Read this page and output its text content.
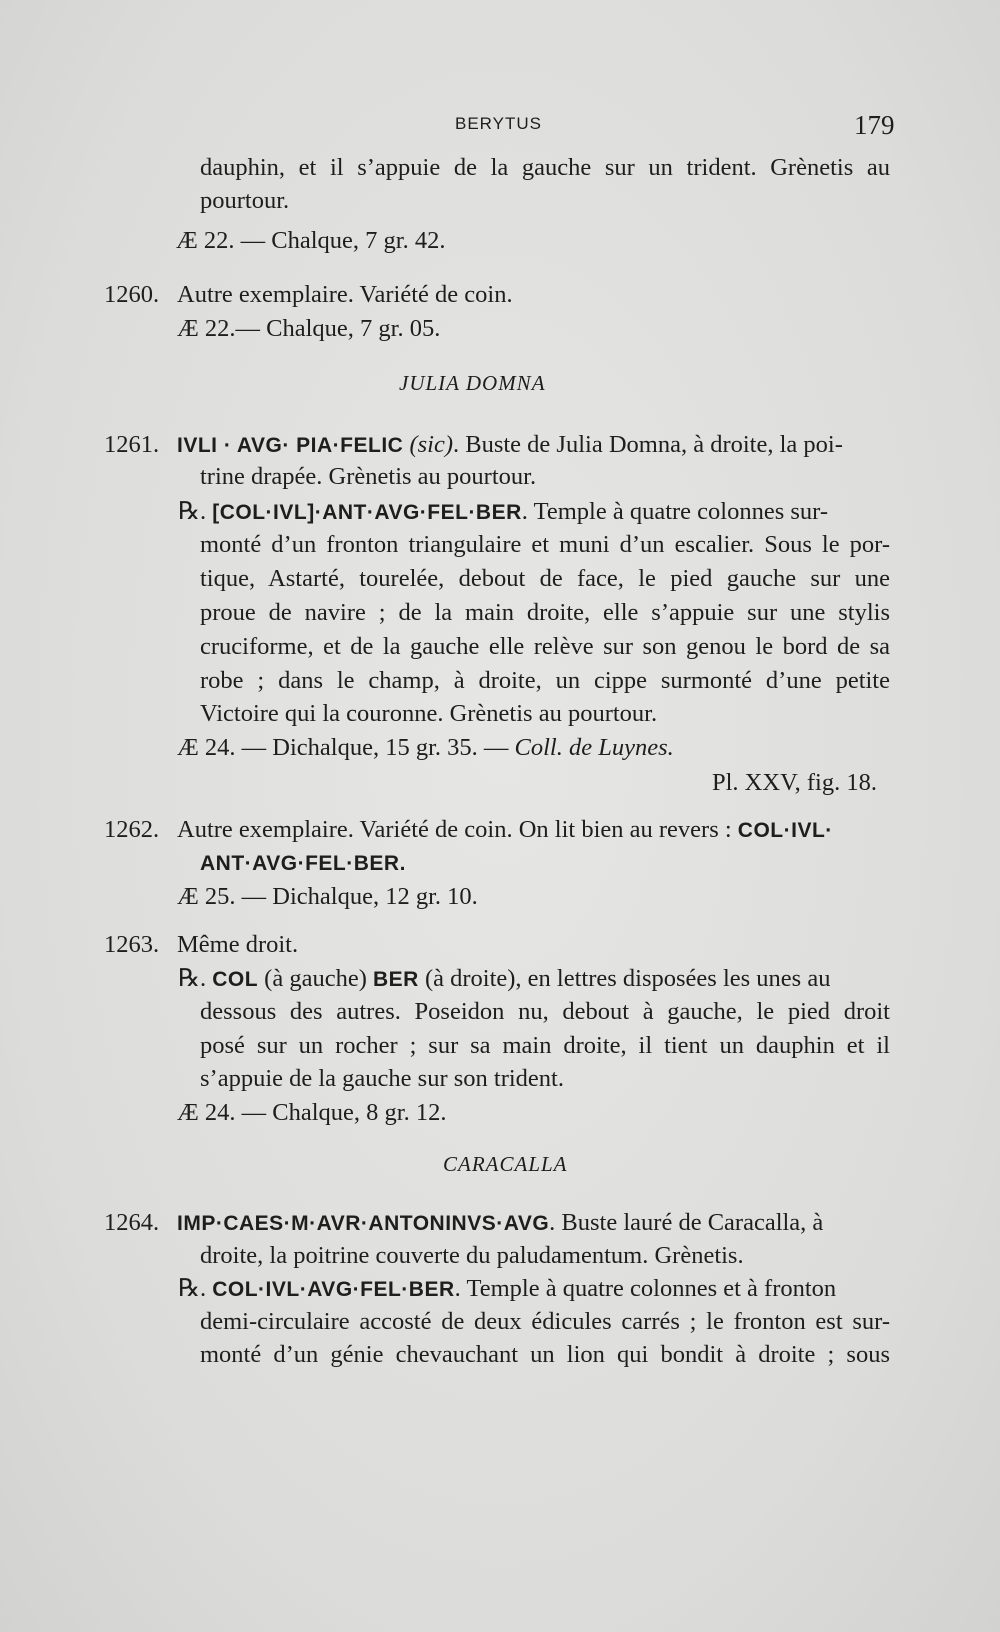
BERYTUS	179
dauphin, et il s’appuie de la gauche sur un trident. Grènetis au
pourtour.
Æ 22. — Chalque, 7 gr. 42.
1260. Autre exemplaire. Variété de coin.
Æ 22.— Chalque, 7 gr. 05.
JULIA DOMNA
1261. IVLI · AVG· PIA·FELIC (sic). Buste de Julia Domna, à droite, la poi-
trine drapée. Grènetis au pourtour.
℞. [COL·IVL]·ANT·AVG·FEL·BER. Temple à quatre colonnes sur-
monté d’un fronton triangulaire et muni d’un escalier. Sous le por-
tique, Astarté, tourelée, debout de face, le pied gauche sur une
proue de navire ; de la main droite, elle s’appuie sur une stylis
cruciforme, et de la gauche elle relève sur son genou le bord de sa
robe ; dans le champ, à droite, un cippe surmonté d’une petite
Victoire qui la couronne. Grènetis au pourtour.
Æ 24. — Dichalque, 15 gr. 35. — Coll. de Luynes.
Pl. XXV, fig. 18.
1262. Autre exemplaire. Variété de coin. On lit bien au revers : COL·IVL·
ANT·AVG·FEL·BER.
Æ 25. — Dichalque, 12 gr. 10.
1263. Même droit.
℞. COL (à gauche) BER (à droite), en lettres disposées les unes au
dessous des autres. Poseidon nu, debout à gauche, le pied droit
posé sur un rocher ; sur sa main droite, il tient un dauphin et il
s’appuie de la gauche sur son trident.
Æ 24. — Chalque, 8 gr. 12.
CARACALLA
1264. IMP·CAES·M·AVR·ANTONINVS·AVG. Buste lauré de Caracalla, à
droite, la poitrine couverte du paludamentum. Grènetis.
℞. COL·IVL·AVG·FEL·BER. Temple à quatre colonnes et à fronton
demi-circulaire accosté de deux édicules carrés ; le fronton est sur-
monté d’un génie chevauchant un lion qui bondit à droite ; sous
